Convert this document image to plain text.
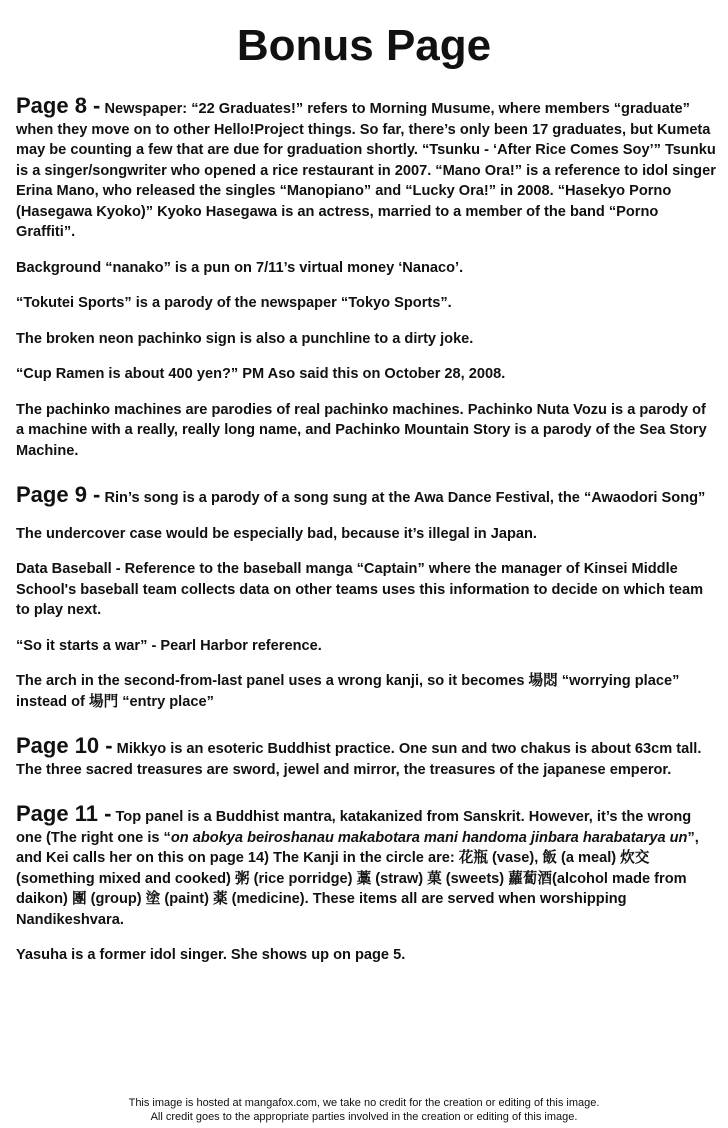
Bonus Page

Page 8 - Newspaper: “22 Graduates!” refers to Morning Musume, where members “graduate” when they move on to other Hello!Project things. So far, there’s only been 17 graduates, but Kumeta may be counting a few that are due for graduation shortly. “Tsunku - ‘After Rice Comes Soy’” Tsunku is a singer/songwriter who opened a rice restaurant in 2007. “Mano Ora!” is a reference to idol singer Erina Mano, who released the singles “Manopiano” and “Lucky Ora!” in 2008. “Hasekyo Porno (Hasegawa Kyoko)” Kyoko Hasegawa is an actress, married to a member of the band “Porno Graffiti”.

Background “nanako” is a pun on 7/11’s virtual money ‘Nanaco’.

“Tokutei Sports” is a parody of the newspaper “Tokyo Sports”.

The broken neon pachinko sign is also a punchline to a dirty joke.

“Cup Ramen is about 400 yen?” PM Aso said this on October 28, 2008.

The pachinko machines are parodies of real pachinko machines. Pachinko Nuta Vozu is a parody of a machine with a really, really long name, and Pachinko Mountain Story is a parody of the Sea Story Machine.

Page 9 - Rin’s song is a parody of a song sung at the Awa Dance Festival, the “Awaodori Song”

The undercover case would be especially bad, because it’s illegal in Japan.

Data Baseball - Reference to the baseball manga “Captain” where the manager of Kinsei Middle School's baseball team collects data on other teams uses this information to decide on which team to play next.

“So it starts a war” - Pearl Harbor reference.

The arch in the second-from-last panel uses a wrong kanji, so it becomes 場悶 “worrying place” instead of 場門 “entry place”

Page 10 - Mikkyo is an esoteric Buddhist practice. One sun and two chakus is about 63cm tall. The three sacred treasures are sword, jewel and mirror, the treasures of the japanese emperor.

Page 11 - Top panel is a Buddhist mantra, katakanized from Sanskrit. However, it’s the wrong one (The right one is “on abokya beiroshanau makabotara mani handoma jinbara harabatarya un”, and Kei calls her on this on page 14) The Kanji in the circle are: 花瓶 (vase), 飯 (a meal) 炊交 (something mixed and cooked) 粥 (rice porridge) 藁 (straw) 菓 (sweets) 蘿蔔酒(alcohol made from daikon) 團 (group) 塗 (paint) 薬 (medicine). These items all are served when worshipping Nandikeshvara.

Yasuha is a former idol singer. She shows up on page 5.

This image is hosted at mangafox.com, we take no credit for the creation or editing of this image.
All credit goes to the appropriate parties involved in the creation or editing of this image.
